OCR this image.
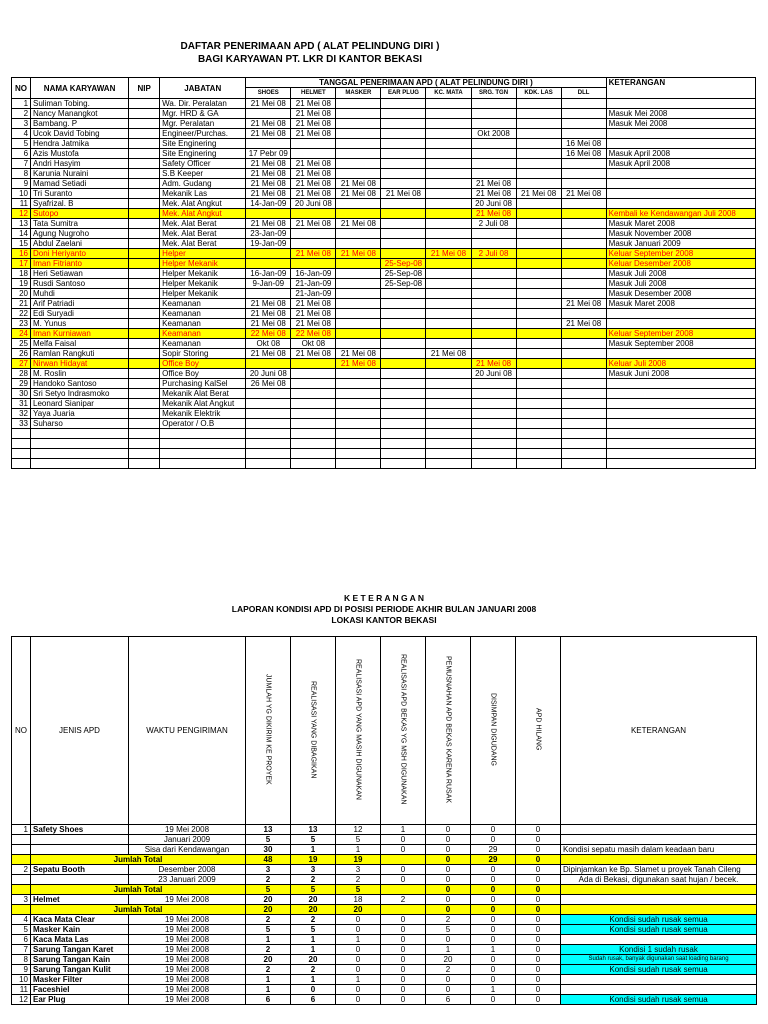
DAFTAR PENERIMAAN APD ( ALAT PELINDUNG DIRI )
BAGI KARYAWAN PT. LKR DI KANTOR BEKASI
NO	NAMA KARYAWAN	NIP	JABATAN	TANGGAL PENERIMAAN APD ( ALAT PELINDUNG DIRI )								KETERANGAN
				SHOES	HELMET	MASKER	EAR PLUG	KC. MATA	SRG. TGN	KDK. LAS	DLL	
1	Suliman Tobing.		Wa. Dir. Peralatan	21 Mei 08	21 Mei 08							
2	Nancy Manangkot		Mgr. HRD & GA		21 Mei 08							Masuk Mei 2008
3	Bambang. P		Mgr. Peralatan	21 Mei 08	21 Mei 08							Masuk Mei 2008
4	Ucok David Tobing		Engineer/Purchas.	21 Mei 08	21 Mei 08				Okt 2008			
5	Hendra Jatmika		Site Enginering								16 Mei 08	
6	Azis Mustofa		Site Enginering	17 Pebr 09							16 Mei 08	Masuk April 2008
7	Andri Hasyim		Safety Officer	21 Mei 08	21 Mei 08							Masuk April 2008
8	Karunia Nuraini		S.B Keeper	21 Mei 08	21 Mei 08							
9	Mamad Setiadi		Adm. Gudang	21 Mei 08	21 Mei 08	21 Mei 08			21 Mei 08			
10	Tri Suranto		Mekanik Las	21 Mei 08	21 Mei 08	21 Mei 08	21 Mei 08		21 Mei 08	21 Mei 08	21 Mei 08	
11	Syafrizal. B		Mek. Alat Angkut	14-Jan-09	20 Juni 08				20 Juni 08			
12	Sutopo		Mek. Alat Angkut						21 Mei 08			Kembali ke Kendawangan Juli 2008
13	Tata Sumitra		Mek. Alat Berat	21 Mei 08	21 Mei 08	21 Mei 08			2 Juli 08			Masuk Maret 2008
14	Agung Nugroho		Mek. Alat Berat	23-Jan-09								Masuk November 2008
15	Abdul Zaelani		Mek. Alat Berat	19-Jan-09								Masuk Januari 2009
16	Doni Heriyanto		Helper		21 Mei 08	21 Mei 08		21 Mei 08	2 Juli 08			Keluar September 2008
17	Iman Fitrianto		Helper Mekanik				25-Sep-08					Keluar Desember 2008
18	Heri Setiawan		Helper Mekanik	16-Jan-09	16-Jan-09		25-Sep-08					Masuk Juli 2008
19	Rusdi Santoso		Helper Mekanik	9-Jan-09	21-Jan-09		25-Sep-08					Masuk Juli 2008
20	Muhdi		Helper Mekanik		21-Jan-09							Masuk Desember 2008
21	Arif Patriadi		Keamanan	21 Mei 08	21 Mei 08						21 Mei 08	Masuk Maret 2008
22	Edi Suryadi		Keamanan	21 Mei 08	21 Mei 08							
23	M. Yunus		Keamanan	21 Mei 08	21 Mei 08						21 Mei 08	
24	Iman Kurniawan		Keamanan	22 Mei 08	22 Mei 08							Keluar September 2008
25	Melfa Faisal		Keamanan	Okt 08	Okt 08							Masuk September 2008
26	Ramlan Rangkuti		Sopir Storing	21 Mei 08	21 Mei 08	21 Mei 08		21 Mei 08				
27	Nirwan Hidayat		Office Boy			21 Mei 08			21 Mei 08			Keluar Juli 2008
28	M. Roslin		Office Boy	20 Juni 08					20 Juni 08			Masuk Juni 2008
29	Handoko Santoso		Purchasing KalSel	26 Mei 08								
30	Sri Setyo Indrasmoko		Mekanik Alat Berat									
31	Leonard Sianipar		Mekanik Alat Angkut									
32	Yaya Juaria		Mekanik Elektrik									
33	Suharso		Operator / O.B									

K E T E R A N G A N
LAPORAN KONDISI APD DI POSISI PERIODE AKHIR BULAN JANUARI 2008
LOKASI KANTOR BEKASI
NO	JENIS APD	WAKTU PENGIRIMAN	JUMLAH YG DIKIRIM KE PROYEK	REALISASI YANG DIBAGIKAN	REALISASI APD YANG MASIH DIGUNAKAN	REALISASI APD BEKAS YG MSH DIGUNAKAN	PEMUSNAHAN APD BEKAS KARENA RUSAK	DISIMPAN DIGUDANG	APD HILANG	KETERANGAN
1	Safety Shoes	19 Mei 2008	13	13	12	1	0	0	0	
		Januari 2009	5	5	5	0	0	0	0	
		Sisa dari Kendawangan	30	1	1	0	0	29	0	Kondisi sepatu masih dalam keadaan baru
	Jumlah Total		48	19	19		0	29	0	
2	Sepatu Booth	Desember 2008	3	3	3	0	0	0	0	Dipinjamkan ke Bp. Slamet u proyek Tanah Cileng
		23 Januari 2009	2	2	2	0	0	0	0	Ada di Bekasi, digunakan saat hujan / becek.
	Jumlah Total		5	5	5		0	0	0	
3	Helmet	19 Mei 2008	20	20	18	2	0	0	0	
	Jumlah Total		20	20	20		0	0	0	
4	Kaca Mata Clear	19 Mei 2008	2	2	0	0	2	0	0	Kondisi sudah rusak semua
5	Masker Kain	19 Mei 2008	5	5	0	0	5	0	0	Kondisi sudah rusak semua
6	Kaca Mata Las	19 Mei 2008	1	1	1	0	0	0	0	
7	Sarung Tangan Karet	19 Mei 2008	2	1	0	0	1	1	0	Kondisi 1 sudah rusak
8	Sarung Tangan Kain	19 Mei 2008	20	20	0	0	20	0	0	Sudah rusak, banyak digunakan saat loading barang
9	Sarung Tangan Kulit	19 Mei 2008	2	2	0	0	2	0	0	Kondisi sudah rusak semua
10	Masker Filter	19 Mei 2008	1	1	1	0	0	0	0	
11	Faceshiel	19 Mei 2008	1	0	0	0	0	1	0	
12	Ear Plug	19 Mei 2008	6	6	0	0	6	0	0	Kondisi sudah rusak semua
